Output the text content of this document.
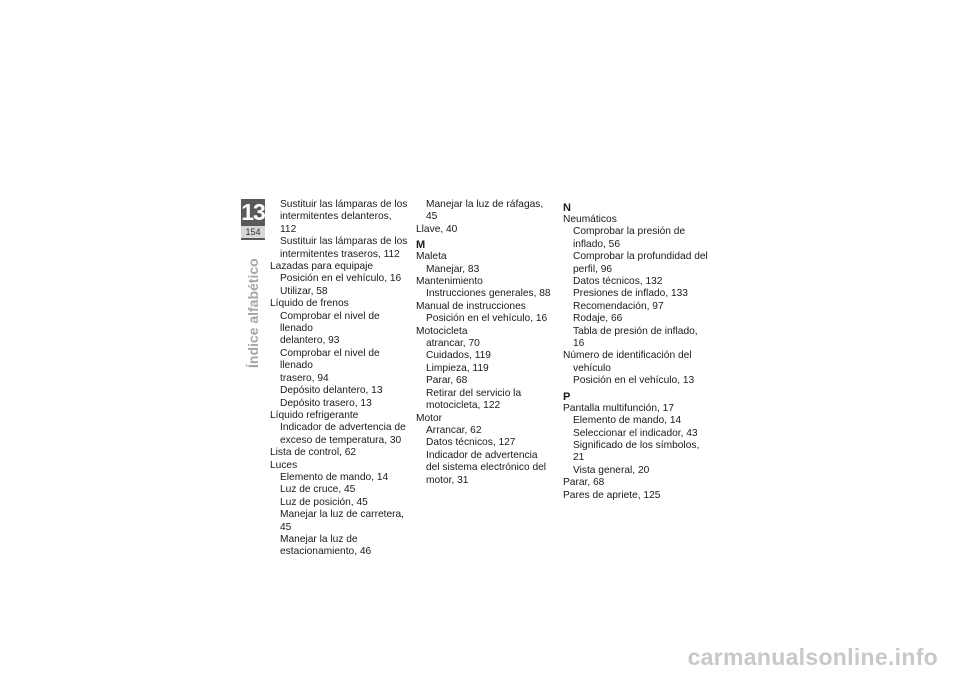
13
154
Índice alfabético
Sustituir las lámparas de los
intermitentes delanteros, 112
Sustituir las lámparas de los
intermitentes traseros, 112
Lazadas para equipaje
Posición en el vehículo, 16
Utilizar, 58
Líquido de frenos
Comprobar el nivel de llenado
delantero, 93
Comprobar el nivel de llenado
trasero, 94
Depósito delantero, 13
Depósito trasero, 13
Líquido refrigerante
Indicador de advertencia de
exceso de temperatura, 30
Lista de control, 62
Luces
Elemento de mando, 14
Luz de cruce, 45
Luz de posición, 45
Manejar la luz de carretera, 45
Manejar la luz de
estacionamiento, 46
Manejar la luz de ráfagas, 45
Llave, 40
M
Maleta
Manejar, 83
Mantenimiento
Instrucciones generales, 88
Manual de instrucciones
Posición en el vehículo, 16
Motocicleta
atrancar, 70
Cuidados, 119
Limpieza, 119
Parar, 68
Retirar del servicio la
motocicleta, 122
Motor
Arrancar, 62
Datos técnicos, 127
Indicador de advertencia
del sistema electrónico del
motor, 31
N
Neumáticos
Comprobar la presión de
inflado, 56
Comprobar la profundidad del
perfil, 96
Datos técnicos, 132
Presiones de inflado, 133
Recomendación, 97
Rodaje, 66
Tabla de presión de inflado, 16
Número de identificación del
vehículo
Posición en el vehículo, 13
P
Pantalla multifunción, 17
Elemento de mando, 14
Seleccionar el indicador, 43
Significado de los símbolos, 21
Vista general, 20
Parar, 68
Pares de apriete, 125
carmanualsonline.info
